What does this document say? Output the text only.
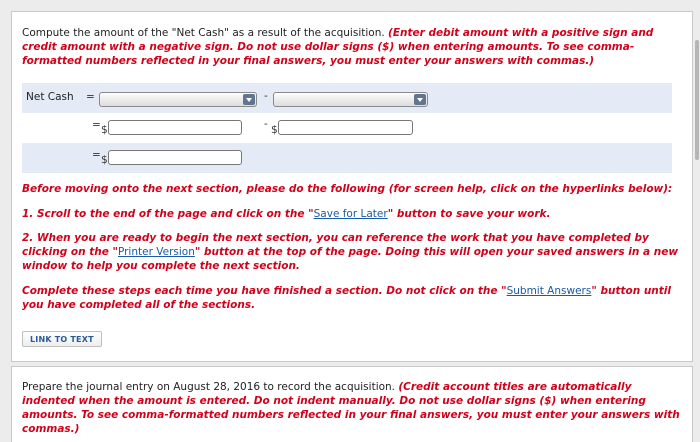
Compute the amount of the "Net Cash" as a result of the acquisition. (Enter debit amount with a positive sign and credit amount with a negative sign. Do not use dollar signs ($) when entering amounts. To see comma-formatted numbers reflected in your final answers, you must enter your answers with commas.)

Net Cash =	-
= $	- $
= $

Before moving onto the next section, please do the following (for screen help, click on the hyperlinks below):

1. Scroll to the end of the page and click on the "Save for Later" button to save your work.

2. When you are ready to begin the next section, you can reference the work that you have completed by clicking on the "Printer Version" button at the top of the page. Doing this will open your saved answers in a new window to help you complete the next section.

Complete these steps each time you have finished a section. Do not click on the "Submit Answers" button until you have completed all of the sections.

LINK TO TEXT

Prepare the journal entry on August 28, 2016 to record the acquisition. (Credit account titles are automatically indented when the amount is entered. Do not indent manually. Do not use dollar signs ($) when entering amounts. To see comma-formatted numbers reflected in your final answers, you must enter your answers with commas.)
